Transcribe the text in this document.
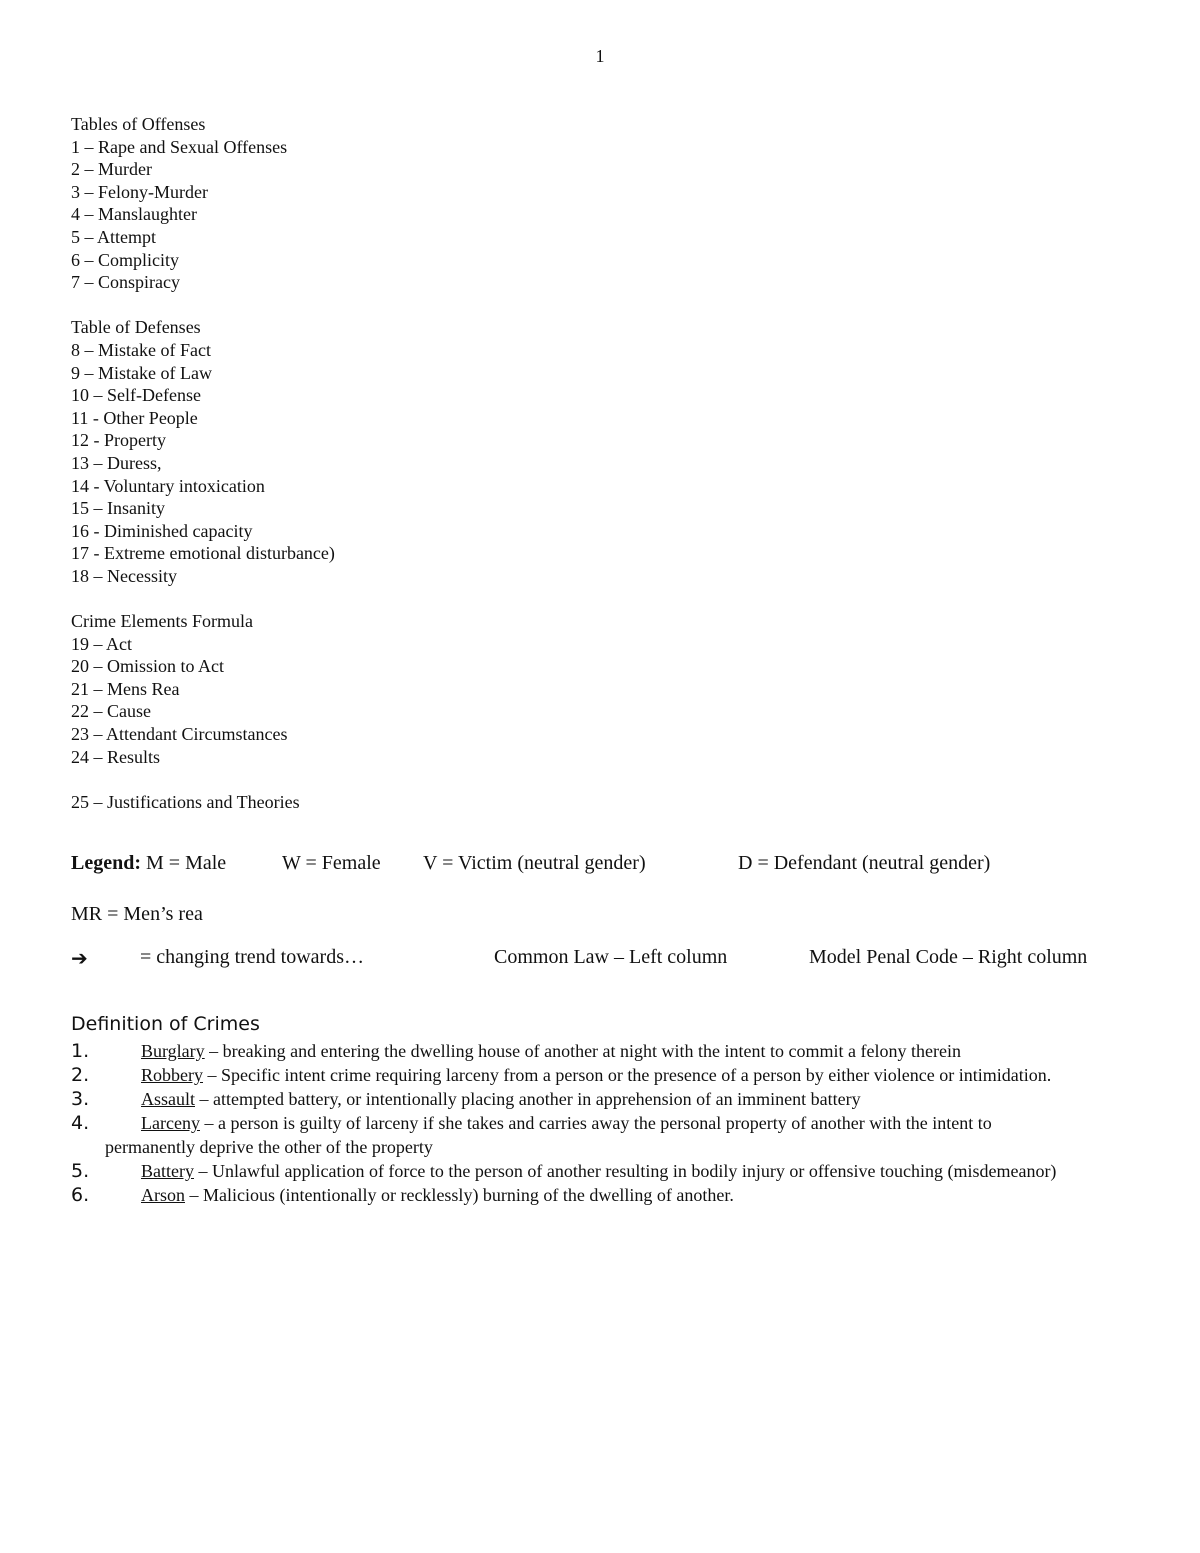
1
Tables of Offenses
1 – Rape and Sexual Offenses
2 – Murder
3 – Felony-Murder
4 – Manslaughter
5 – Attempt
6 – Complicity
7 – Conspiracy
Table of Defenses
8 – Mistake of Fact
9 – Mistake of Law
10 – Self-Defense
11 - Other People
12 - Property
13 – Duress,
14 - Voluntary intoxication
15 – Insanity
16 - Diminished capacity
17 - Extreme emotional disturbance)
18 – Necessity
Crime Elements Formula
19 – Act
20 – Omission to Act
21 – Mens Rea
22 – Cause
23 – Attendant Circumstances
24 – Results
25 – Justifications and Theories
Legend: M = Male	W = Female V = Victim (neutral gender)	D = Defendant (neutral gender)
MR = Men’s rea
➔	= changing trend towards…	Common Law – Left column	Model Penal Code – Right column
Definition of Crimes
1.	Burglary – breaking and entering the dwelling house of another at night with the intent to commit a felony therein
2.	Robbery – Specific intent crime requiring larceny from a person or the presence of a person by either violence or intimidation.
3.	Assault – attempted battery, or intentionally placing another in apprehension of an imminent battery
4.	Larceny – a person is guilty of larceny if she takes and carries away the personal property of another with the intent to permanently deprive the other of the property
5.	Battery – Unlawful application of force to the person of another resulting in bodily injury or offensive touching (misdemeanor)
6.	Arson – Malicious (intentionally or recklessly) burning of the dwelling of another.
